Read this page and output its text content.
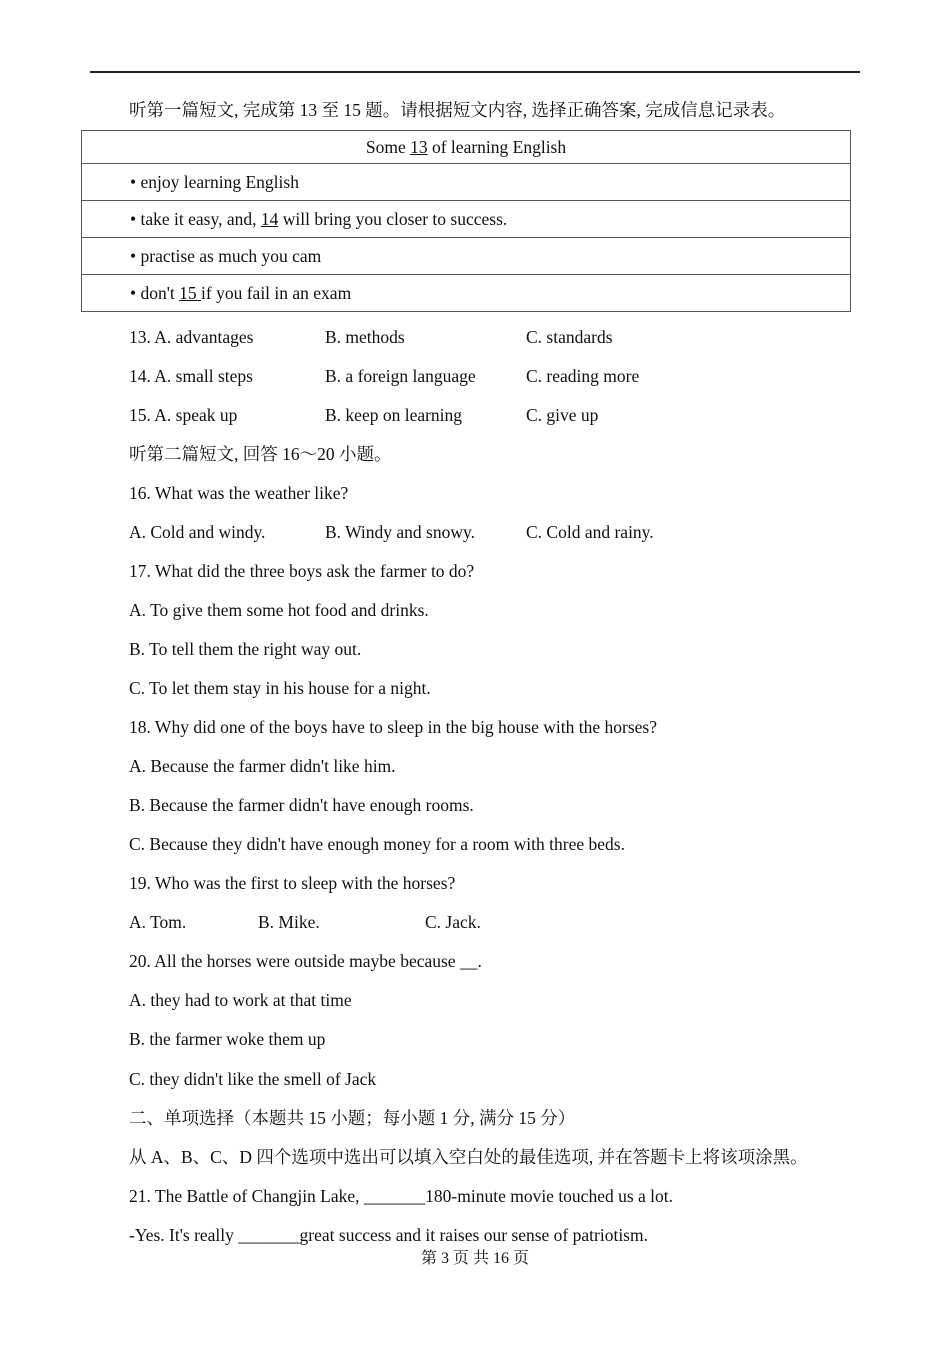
听第一篇短文, 完成第 13 至 15 题。请根据短文内容, 选择正确答案, 完成信息记录表。
Some 13 of learning English
• enjoy learning English
• take it easy, and, 14 will bring you closer to success.
• practise as much you cam
• don't 15 if you fail in an exam
13. A. advantages	B. methods	C. standards
14. A. small steps	B. a foreign language	C. reading more
15. A. speak up	B. keep on learning	C. give up
听第二篇短文, 回答 16～20 小题。
16. What was the weather like?
A. Cold and windy.	B. Windy and snowy.	C. Cold and rainy.
17. What did the three boys ask the farmer to do?
A. To give them some hot food and drinks.
B. To tell them the right way out.
C. To let them stay in his house for a night.
18. Why did one of the boys have to sleep in the big house with the horses?
A. Because the farmer didn't like him.
B. Because the farmer didn't have enough rooms.
C. Because they didn't have enough money for a room with three beds.
19. Who was the first to sleep with the horses?
A. Tom.	B. Mike.	C. Jack.
20. All the horses were outside maybe because __.
A. they had to work at that time
B. the farmer woke them up
C. they didn't like the smell of Jack
二、单项选择（本题共 15 小题；每小题 1 分, 满分 15 分）
从 A、B、C、D 四个选项中选出可以填入空白处的最佳选项, 并在答题卡上将该项涂黑。
21. The Battle of Changjin Lake, _______180-minute movie touched us a lot.
-Yes. It's really _______great success and it raises our sense of patriotism.
第 3 页 共 16 页
